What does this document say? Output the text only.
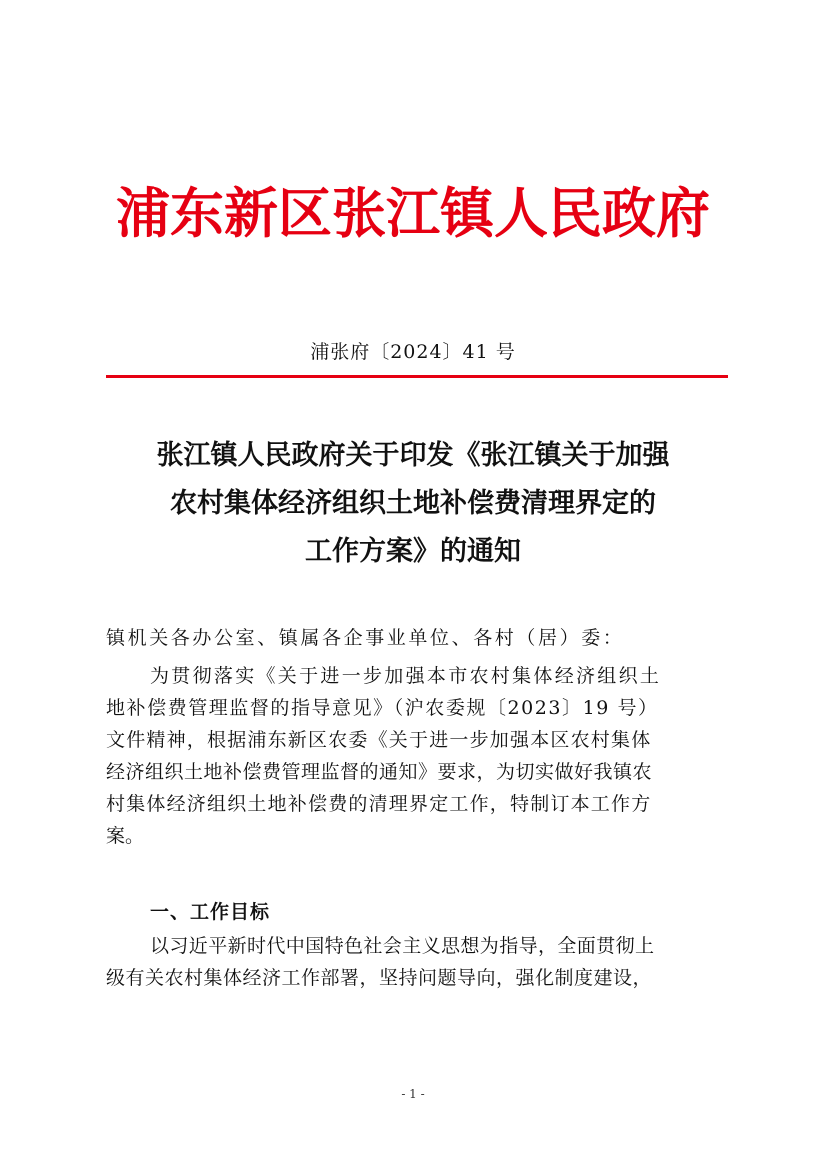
浦东新区张江镇人民政府
浦张府〔2024〕41 号
张江镇人民政府关于印发《张江镇关于加强
农村集体经济组织土地补偿费清理界定的
工作方案》的通知
镇机关各办公室、镇属各企事业单位、各村（居）委：
为贯彻落实《关于进一步加强本市农村集体经济组织土
地补偿费管理监督的指导意见》（沪农委规〔2023〕19 号）
文件精神，根据浦东新区农委《关于进一步加强本区农村集体
经济组织土地补偿费管理监督的通知》要求，为切实做好我镇农
村集体经济组织土地补偿费的清理界定工作，特制订本工作方
案。
一、工作目标
以习近平新时代中国特色社会主义思想为指导，全面贯彻上
级有关农村集体经济工作部署，坚持问题导向，强化制度建设，
- 1 -
